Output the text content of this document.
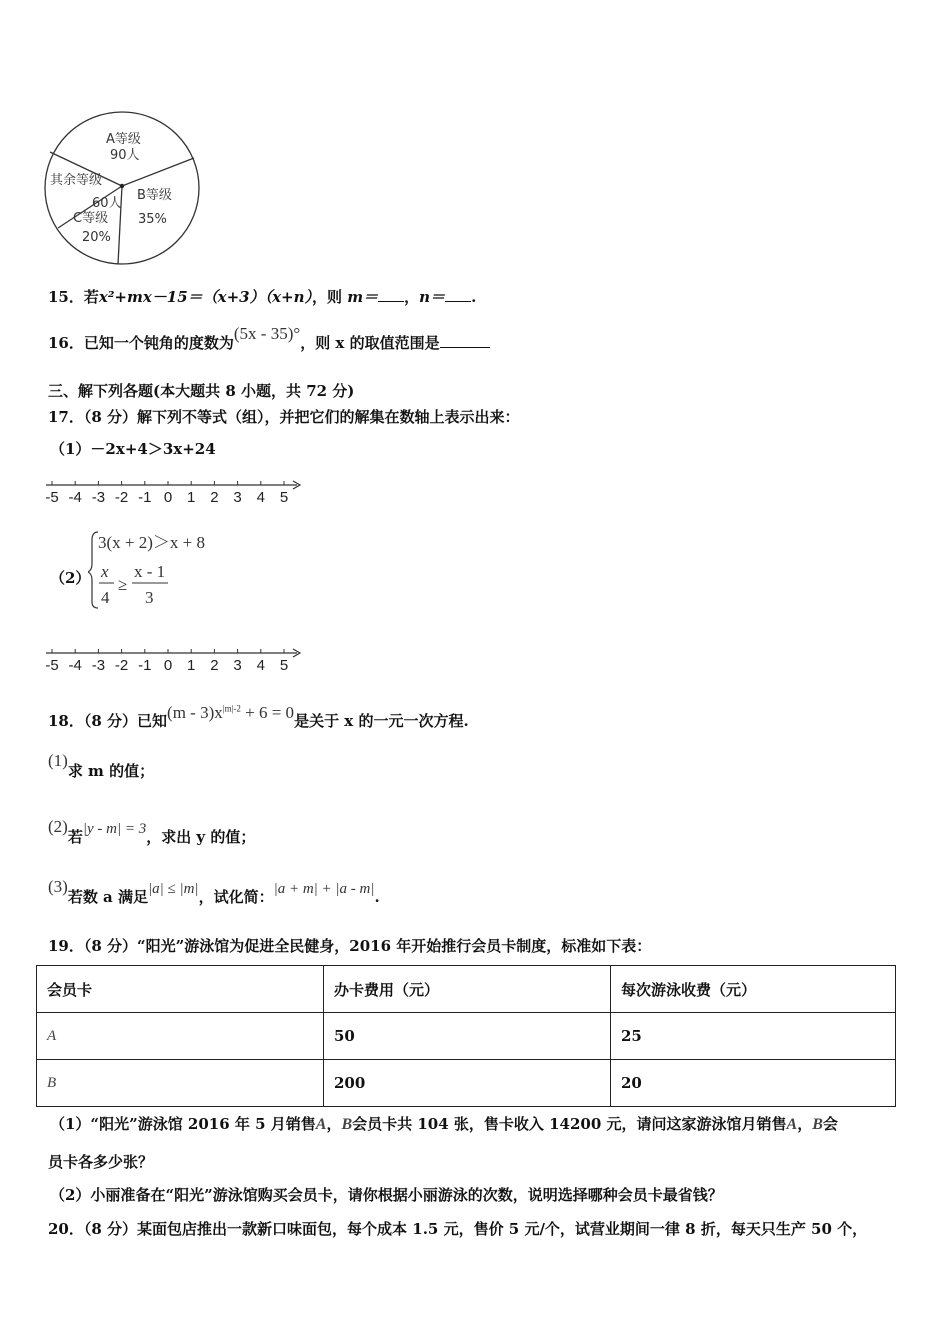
A等级
90人
其余等级
60人
B等级
35%
C等级
20%
15．若x²+mx－15＝（x+3）（x+n），则 m＝ ，n＝ .
16．已知一个钝角的度数为(5x - 35)°，则 x 的取值范围是
三、解下列各题(本大题共 8 小题，共 72 分)
17．（8 分）解下列不等式（组），并把它们的解集在数轴上表示出来：
（1）－2x+4＞3x+24
-5 -4 -3 -2 -1 0 1 2 3 4 5
（2）
3(x + 2)＞x + 8
x
4
≥
x - 1
3
-5 -4 -3 -2 -1 0 1 2 3 4 5
18．（8 分）已知$(m - 3)x^{|m|-2} + 6 = 0$是关于 x 的一元一次方程.
(1)求 m 的值；
(2)若|y - m| = 3，求出 y 的值；
(3)若数 a 满足|a| ≤ |m|，试化简：|a + m| + |a - m|.
19．（8 分）“阳光”游泳馆为促进全民健身，2016 年开始推行会员卡制度，标准如下表：
会员卡	办卡费用（元）	每次游泳收费（元）
A	50	25
B	200	20
（1）“阳光”游泳馆 2016 年 5 月销售A，B会员卡共 104 张，售卡收入 14200 元，请问这家游泳馆月销售A，B会
员卡各多少张？
（2）小丽准备在“阳光”游泳馆购买会员卡，请你根据小丽游泳的次数，说明选择哪种会员卡最省钱？
20．（8 分）某面包店推出一款新口味面包，每个成本 1.5 元，售价 5 元/个，试营业期间一律 8 折，每天只生产 50 个，
